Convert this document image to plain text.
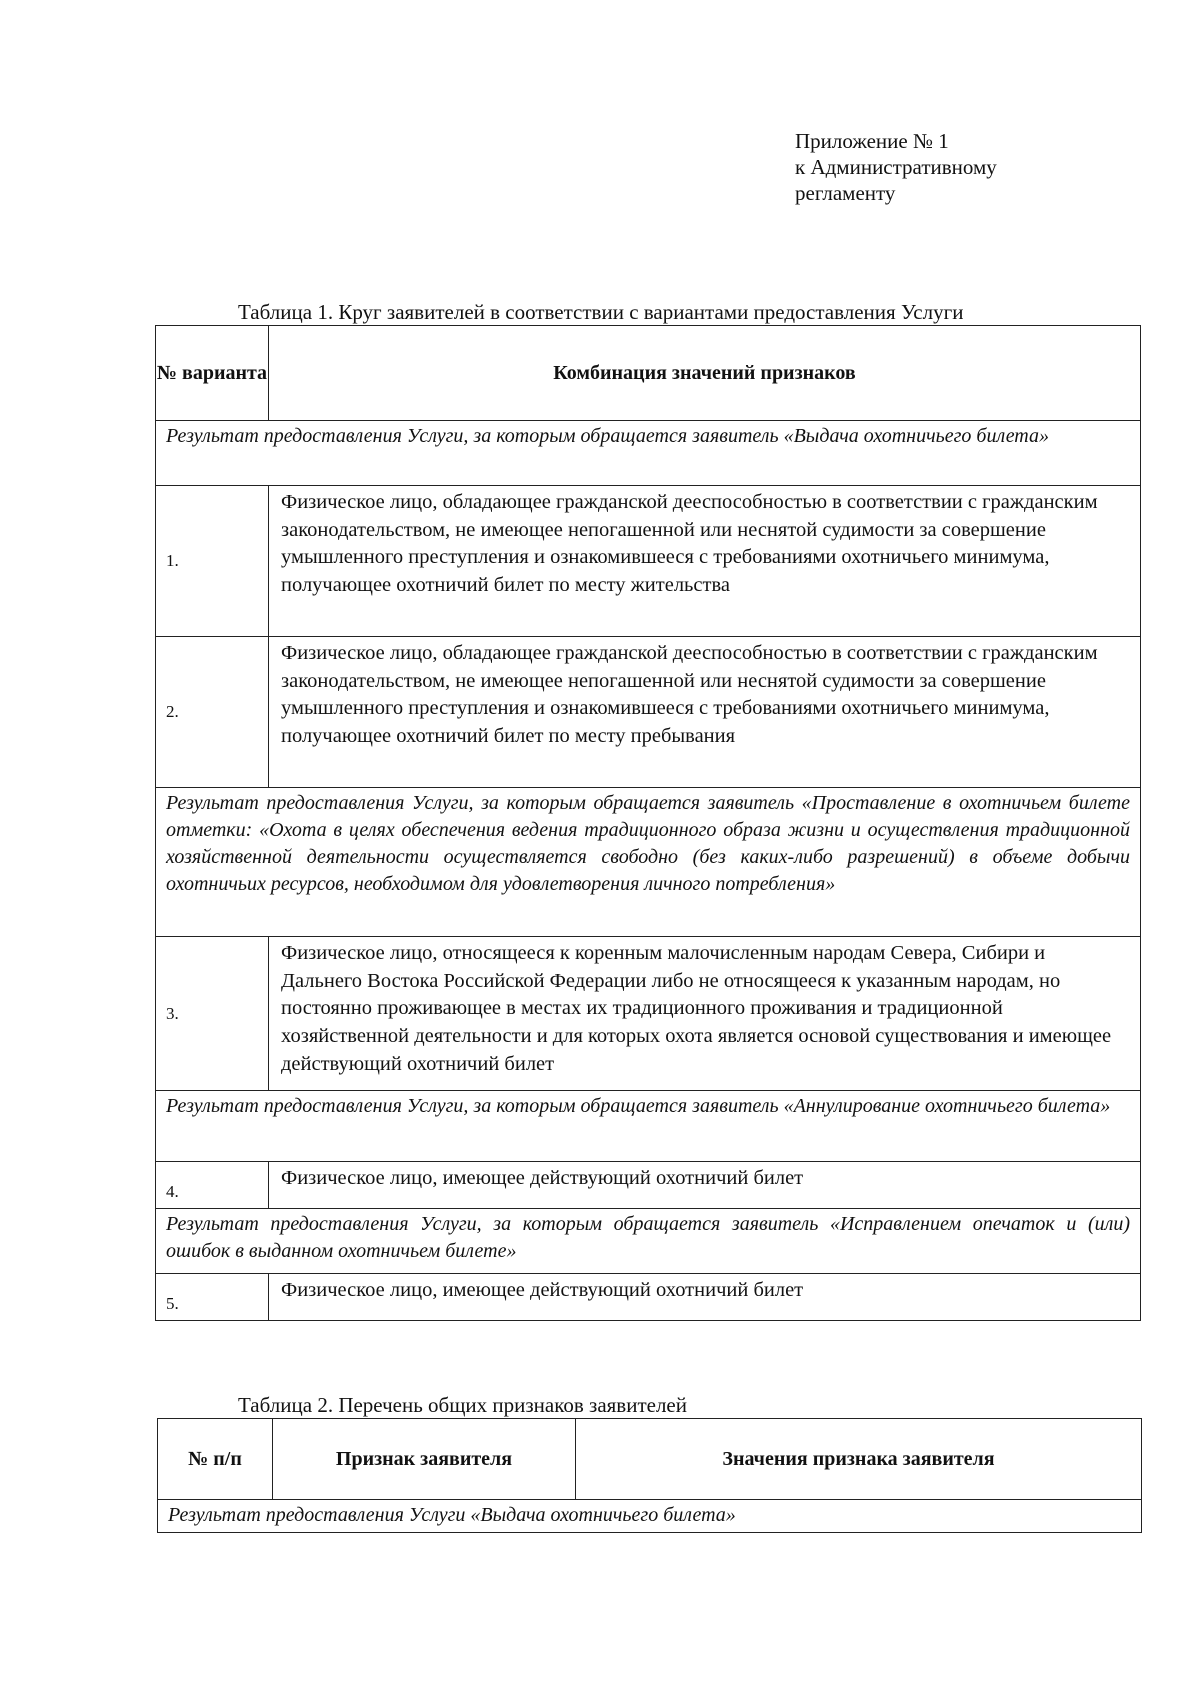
Приложение № 1
к Административному
регламенту
Таблица 1. Круг заявителей в соответствии с вариантами предоставления Услуги
№ варианта	Комбинация значений признаков
Результат предоставления Услуги, за которым обращается заявитель «Выдача охотничьего билета»	
1.	Физическое лицо, обладающее гражданской дееспособностью в соответствии с гражданским законодательством, не имеющее непогашенной или неснятой судимости за совершение умышленного преступления и ознакомившееся с требованиями охотничьего минимума, получающее охотничий билет по месту жительства
2.	Физическое лицо, обладающее гражданской дееспособностью в соответствии с гражданским законодательством, не имеющее непогашенной или неснятой судимости за совершение умышленного преступления и ознакомившееся с требованиями охотничьего минимума, получающее охотничий билет по месту пребывания
Результат предоставления Услуги, за которым обращается заявитель «Проставление в охотничьем билете отметки: «Охота в целях обеспечения ведения традиционного образа жизни и осуществления традиционной хозяйственной деятельности осуществляется свободно (без каких-либо разрешений) в объеме добычи охотничьих ресурсов, необходимом для удовлетворения личного потребления»	
3.	Физическое лицо, относящееся к коренным малочисленным народам Севера, Сибири и Дальнего Востока Российской Федерации либо не относящееся к указанным народам, но постоянно проживающее в местах их традиционного проживания и традиционной хозяйственной деятельности и для которых охота является основой существования и имеющее действующий охотничий билет
Результат предоставления Услуги, за которым обращается заявитель «Аннулирование охотничьего билета»	
4.	Физическое лицо, имеющее действующий охотничий билет
Результат предоставления Услуги, за которым обращается заявитель «Исправлением опечаток и (или) ошибок в выданном охотничьем билете»	
5.	Физическое лицо, имеющее действующий охотничий билет
Таблица 2. Перечень общих признаков заявителей
№ п/п	Признак заявителя	Значения признака заявителя
Результат предоставления Услуги «Выдача охотничьего билета»
